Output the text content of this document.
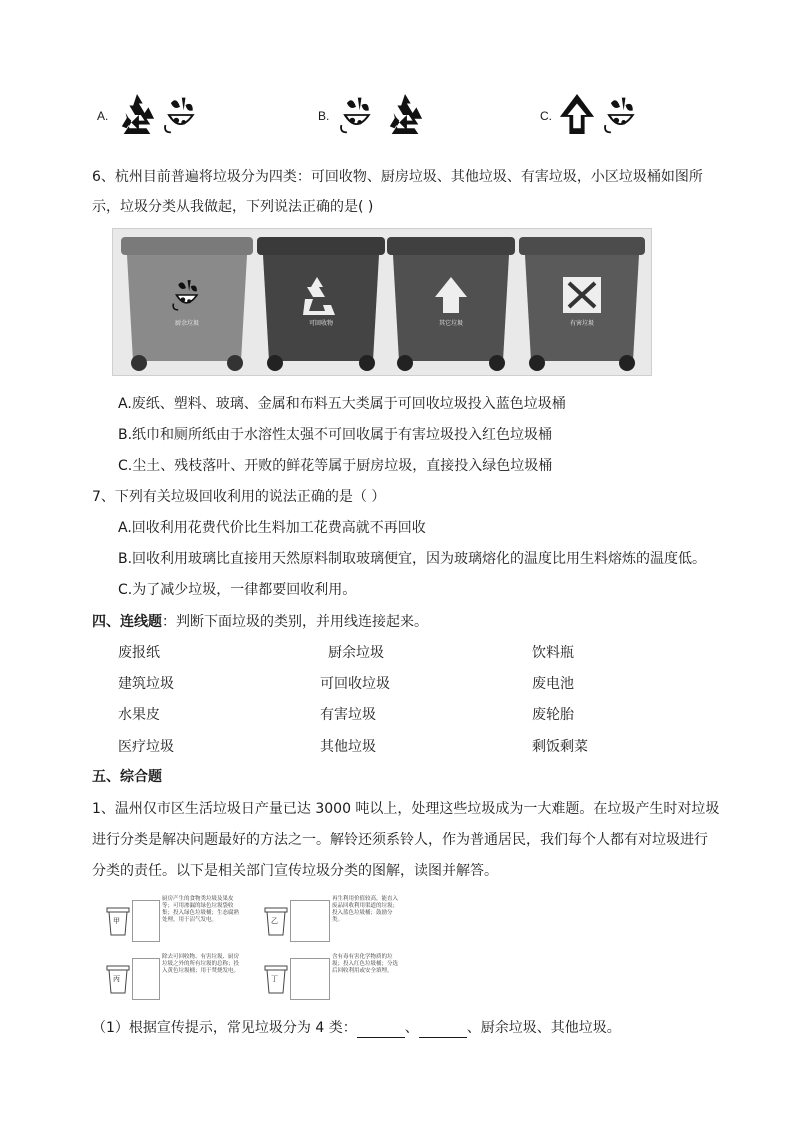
A.	B.	C.
6、杭州目前普遍将垃圾分为四类：可回收物、厨房垃圾、其他垃圾、有害垃圾，小区垃圾桶如图所
示，垃圾分类从我做起，下列说法正确的是( )
厨余垃圾	可回收物	其它垃圾	有害垃圾
A.废纸、塑料、玻璃、金属和布料五大类属于可回收垃圾投入蓝色垃圾桶
B.纸巾和厕所纸由于水溶性太强不可回收属于有害垃圾投入红色垃圾桶
C.尘土、残枝落叶、开败的鲜花等属于厨房垃圾，直接投入绿色垃圾桶
7、下列有关垃圾回收利用的说法正确的是（ ）
A.回收利用花费代价比生料加工花费高就不再回收
B.回收利用玻璃比直接用天然原料制取玻璃便宜，因为玻璃熔化的温度比用生料熔炼的温度低。
C.为了减少垃圾，一律都要回收利用。
四、连线题：判断下面垃圾的类别，并用线连接起来。
废报纸	厨余垃圾	饮料瓶
建筑垃圾	可回收垃圾	废电池
水果皮	有害垃圾	废轮胎
医疗垃圾	其他垃圾	剩饭剩菜
五、综合题
1、温州仅市区生活垃圾日产量已达 3000 吨以上，处理这些垃圾成为一大难题。在垃圾产生时对垃圾
进行分类是解决问题最好的方法之一。解铃还须系铃人，作为普通居民，我们每个人都有对垃圾进行
分类的责任。以下是相关部门宣传垃圾分类的图解，读图并解答。
甲
厨房产生的食物类垃圾及果皮等；可用渗漏的绿色垃圾袋收集；投入绿色垃圾桶；生态腐熟处理，用于沼气发电。	乙
再生利用价值较高，能直入废品回收利用渠道的垃圾；投入蓝色垃圾桶；鼓励分类。
丙
除去可回收物、有害垃圾、厨房垃圾之外的所有垃圾的总称；投入黄色垃圾桶；用于焚烧发电。
丁
含有毒有害化学物质的垃圾；投入红色垃圾桶；分选后回收利用或安全填埋。
（1）根据宣传提示，常见垃圾分为 4 类：	、	、厨余垃圾、其他垃圾。
